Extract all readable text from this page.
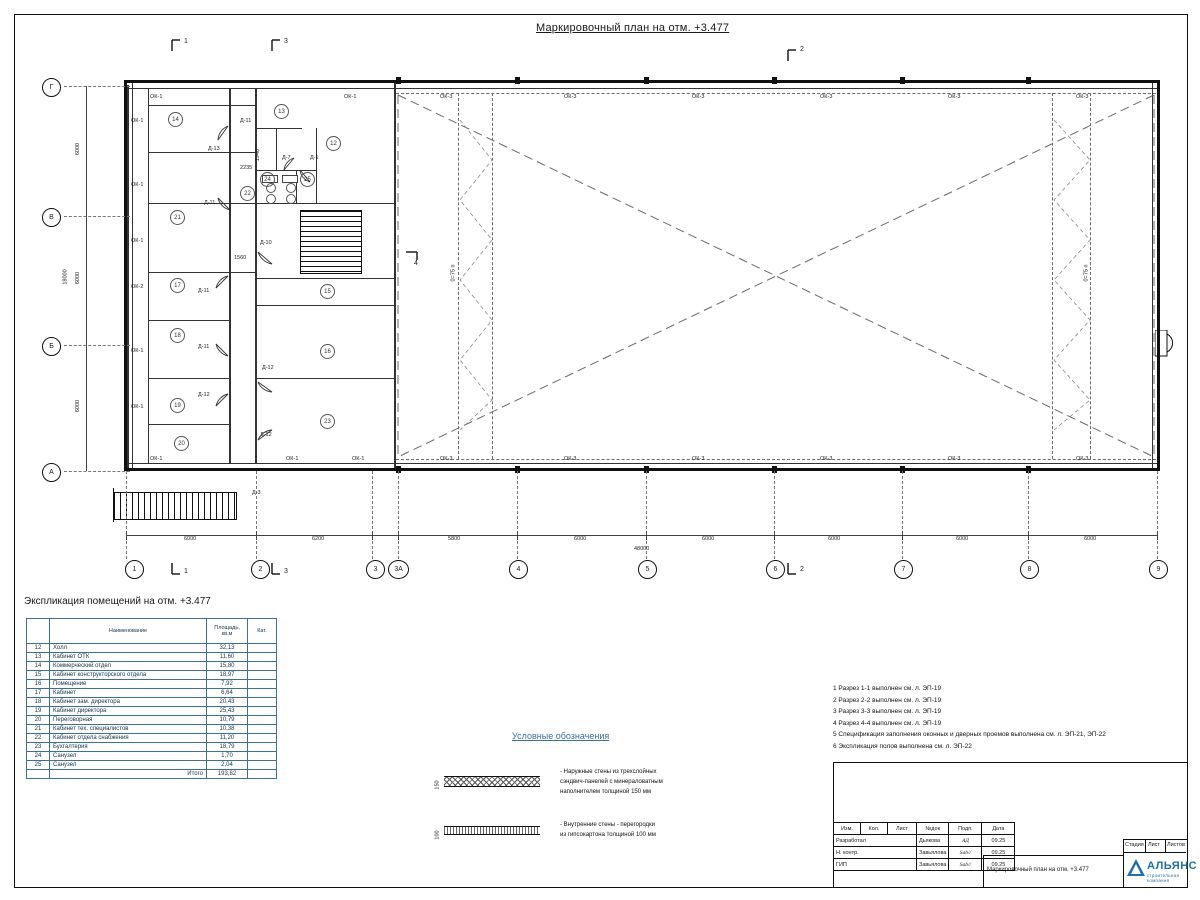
Маркировочный план на отм. +3.477
0=75 п	0=75 п
Г
В
Б
А
1	2	3	3А	4	5	6	7	8	9
6000	6200	5800	6000	6000	6000	6000	6000
48000
6000
6000
6000
18000
2235
1940
1560
1
1
3
3
2
2
4
ОК-1	ОК-1	ОК-3	ОК-3	ОК-3	ОК-3	ОК-3	ОК-3
ОК-1	ОК-1	ОК-1	ОК-3	ОК-3	ОК-3	ОК-3	ОК-3	ОК-3
ОК-1
ОК-1
ОК-1
ОК-2
ОК-1
ОК-1
Д-13
Д-11
Д-11
Д-11
Д-11
Д-12
Д-12
Д-12
Д-7	Д-1
Д-3
Д-10
12
13
14
15
16
17
18
19
20
21
22
23
24	25
Экспликация помещений на отм. +3.477
	Наименование	Площадь,
кв.м	Кат.
12	Холл	32,13	
13	Кабинет ОТК	11,60	
14	Коммерческий отдел	15,80	
15	Кабинет конструкторского отдела	18,97	
16	Помещение	7,92	
17	Кабинет	6,64	
18	Кабинет зам. директора	20,43	
19	Кабинет директора	25,43	
20	Переговорная	10,79	
21	Кабинет тех. специалистов	10,38	
22	Кабинет отдела снабжения	11,20	
23	Бухгалтерия	18,79	
24	Санузел	1,70	
25	Санузел	2,04	
	Итого	193,82	
Условные обозначения
150
- Наружные стены из трехслойных
сэндвич-панелей с минераловатным
наполнителем толщиной 150 мм
100
- Внутренние стены - перегородки
из гипсокартона толщиной 100 мм
1 Разрез 1-1 выполнен см. л. ЭП-19
2 Разрез 2-2 выполнен см. л. ЭП-19
3 Разрез 3-3 выполнен см. л. ЭП-19
4 Разрез 4-4 выполнен см. л. ЭП-19
5 Спецификация заполнения оконных и дверных проемов выполнена см. л. ЭП-21, ЭП-22
6 Экспликация полов выполнена см. л. ЭП-22
Изм.	Кол.	Лист	№док	Подп.	Дата
Разработал			Дьякова	АД	09.25
Н. контр.			Завьялова	Sab//	09.25
ГИП			Завьялова	Sab//	09.25
Маркировочный план на отм. +3.477
Стадия Лист Листов
АЛЬЯНС
строительная компания
